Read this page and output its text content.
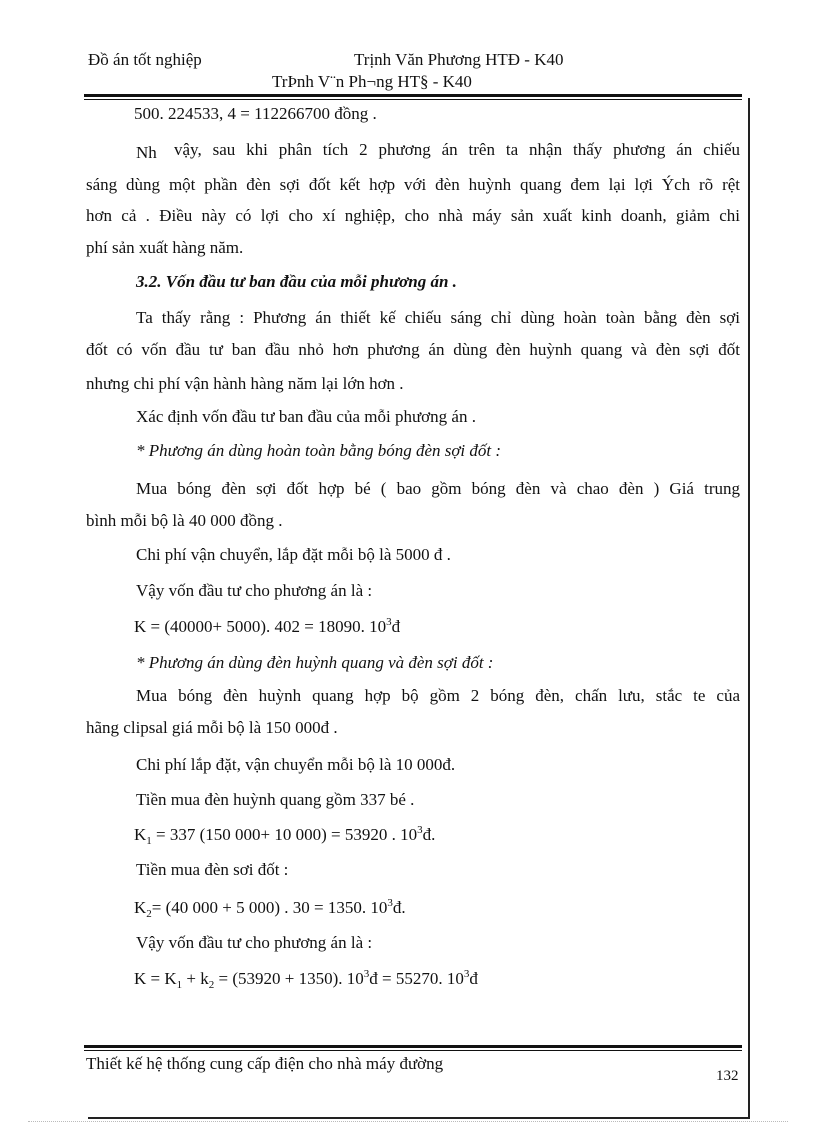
Đồ án tốt nghiệp	Trịnh Văn Phương HTĐ - K40
TrÞnh V¨n Ph¬ng HT§ - K40
500. 224533, 4 = 112266700 đồng .
Nh vậy, sau khi phân tích 2 phương án trên ta nhận thấy phương án chiếu
sáng dùng một phần đèn sợi đốt kết hợp với đèn huỳnh quang đem lại lợi Ých rõ rệt
hơn cả . Điều này có lợi cho xí nghiệp, cho nhà máy sản xuất kinh doanh, giảm chi
phí sản xuất hàng năm.
3.2. Vốn đầu tư ban đầu của mỗi phương án .
Ta thấy rằng : Phương án thiết kế chiếu sáng chỉ dùng hoàn toàn bằng đèn sợi
đốt có vốn đầu tư ban đầu nhỏ hơn phương án dùng đèn huỳnh quang và đèn sợi đốt
nhưng chi phí vận hành hàng năm lại lớn hơn .
Xác định vốn đầu tư ban đầu của mỗi phương án .
* Phương án dùng hoàn toàn bằng bóng đèn sợi đốt :
Mua bóng đèn sợi đốt hợp bé ( bao gồm bóng đèn và chao đèn ) Giá trung
bình mỗi bộ là 40 000 đồng .
Chi phí vận chuyển, lắp đặt mỗi bộ là 5000 đ .
Vậy vốn đầu tư cho phương án là :
K = (40000+ 5000). 402 = 18090. $10^3đ$
* Phương án dùng đèn huỳnh quang và đèn sợi đốt :
Mua bóng đèn huỳnh quang hợp bộ gồm 2 bóng đèn, chấn lưu, stắc te của
hãng clipsal giá mỗi bộ là 150 000đ .
Chi phí lắp đặt, vận chuyển mỗi bộ là 10 000đ.
Tiền mua đèn huỳnh quang gồm 337 bé .
$K_1 = 337$ (150 000+ 10 000) = 53920 . $10^3đ$.
Tiền mua đèn sơi đốt :
$K_2= (40$ 000 + 5 000) . 30 = 1350. $10^3đ$.
Vậy vốn đầu tư cho phương án là :
$K = K_1 + k_2 = (53920 + 1350)$. $10^3đ = 55270$. $10^3đ$
Thiết kế hệ thống cung cấp điện cho nhà máy đường
132
